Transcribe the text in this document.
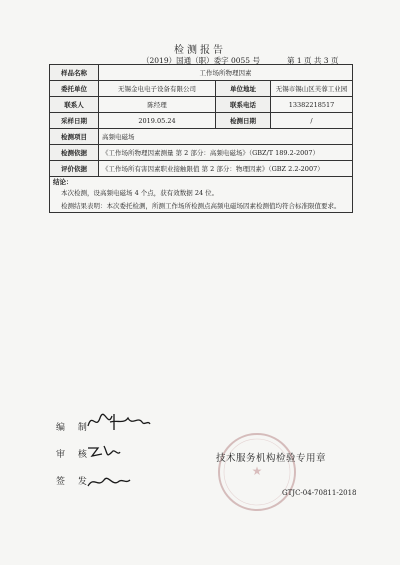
检测报告
（2019）国通（职）委字 0055 号	第 1 页 共 3 页
样品名称	工作场所物理因素		
委托单位	无锡金电电子设备有限公司	单位地址	无锡市锡山区芙蓉工业园
联系人	陈经理	联系电话	13382218517
采样日期	2019.05.24	检测日期	/
检测项目	高频电磁场		
检测依据	《工作场所物理因素测量 第 2 部分：高频电磁场》（GBZ/T 189.2-2007）		
评价依据	《工作场所有害因素职业接触限值 第 2 部分：物理因素》（GBZ 2.2-2007）		

结论：
本次检测，设高频电磁场 4 个点，获有效数据 24 位。
检测结果表明：本次委托检测，所测工作场所检测点高频电磁场因素检测值均符合标准限值要求。			
编 制
审 核
签 发
★
技术服务机构检验专用章
GTJC-04-70811-2018
